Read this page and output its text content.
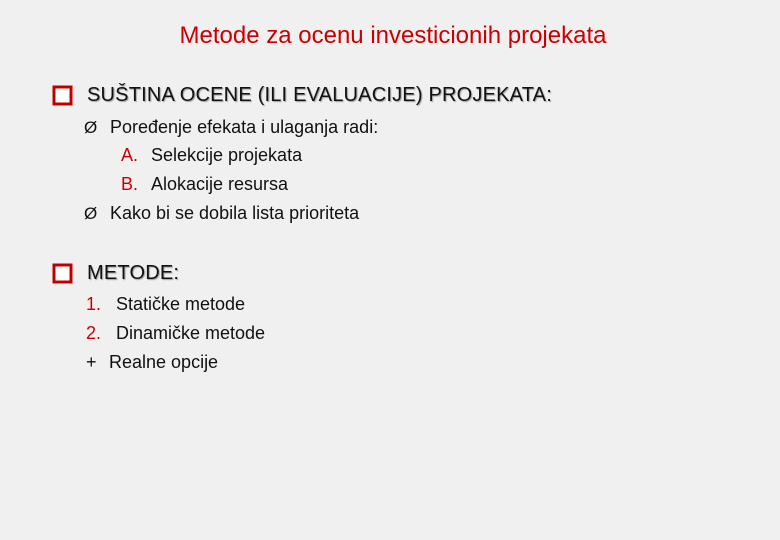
Metode za ocenu investicionih projekata
SUŠTINA OCENE (ILI EVALUACIJE) PROJEKATA:
Ø Poređenje efekata i ulaganja radi:
A. Selekcije projekata
B. Alokacije resursa
Ø Kako bi se dobila lista prioriteta
METODE:
1. Statičke metode
2. Dinamičke metode
+ Realne opcije
